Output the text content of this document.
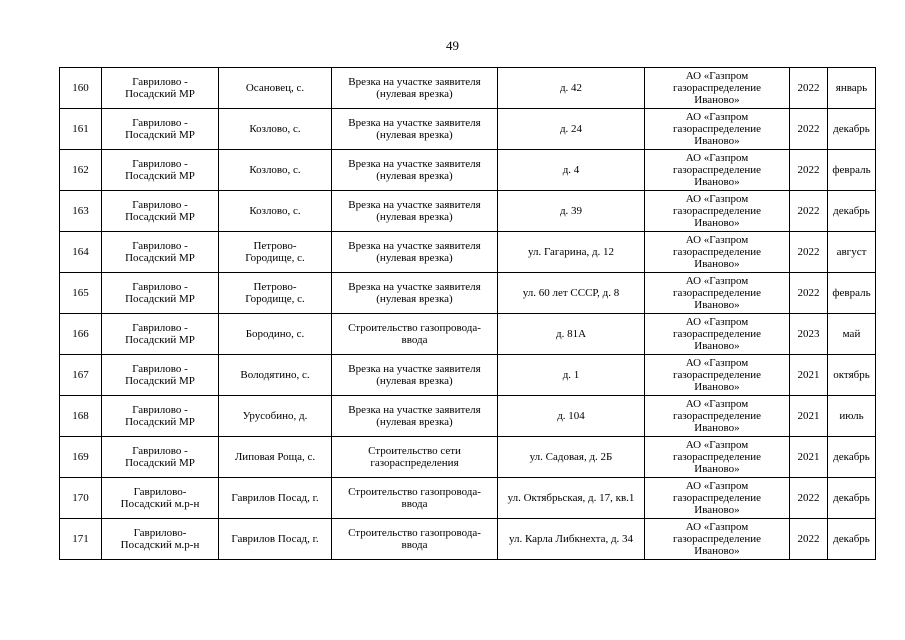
49
160	Гаврилово -
Посадский МР	Осановец, с.	Врезка на участке заявителя
(нулевая врезка)	д. 42	АО «Газпром
газораспределение
Иваново»	2022	январь
161	Гаврилово -
Посадский МР	Козлово, с.	Врезка на участке заявителя
(нулевая врезка)	д. 24	АО «Газпром
газораспределение
Иваново»	2022	декабрь
162	Гаврилово -
Посадский МР	Козлово, с.	Врезка на участке заявителя
(нулевая врезка)	д. 4	АО «Газпром
газораспределение
Иваново»	2022	февраль
163	Гаврилово -
Посадский МР	Козлово, с.	Врезка на участке заявителя
(нулевая врезка)	д. 39	АО «Газпром
газораспределение
Иваново»	2022	декабрь
164	Гаврилово -
Посадский МР	Петрово-
Городище, с.	Врезка на участке заявителя
(нулевая врезка)	ул. Гагарина, д. 12	АО «Газпром
газораспределение
Иваново»	2022	август
165	Гаврилово -
Посадский МР	Петрово-
Городище, с.	Врезка на участке заявителя
(нулевая врезка)	ул. 60 лет СССР, д. 8	АО «Газпром
газораспределение
Иваново»	2022	февраль
166	Гаврилово -
Посадский МР	Бородино, с.	Строительство газопровода-
ввода	д. 81А	АО «Газпром
газораспределение
Иваново»	2023	май
167	Гаврилово -
Посадский МР	Володятино, с.	Врезка на участке заявителя
(нулевая врезка)	д. 1	АО «Газпром
газораспределение
Иваново»	2021	октябрь
168	Гаврилово -
Посадский МР	Урусобино, д.	Врезка на участке заявителя
(нулевая врезка)	д. 104	АО «Газпром
газораспределение
Иваново»	2021	июль
169	Гаврилово -
Посадский МР	Липовая Роща, с.	Строительство сети
газораспределения	ул. Садовая, д. 2Б	АО «Газпром
газораспределение
Иваново»	2021	декабрь
170	Гаврилово-
Посадский м.р-н	Гаврилов Посад, г.	Строительство газопровода-
ввода	ул. Октябрьская, д. 17, кв.1	АО «Газпром
газораспределение
Иваново»	2022	декабрь
171	Гаврилово-
Посадский м.р-н	Гаврилов Посад, г.	Строительство газопровода-
ввода	ул. Карла Либкнехта, д. 34	АО «Газпром
газораспределение
Иваново»	2022	декабрь
